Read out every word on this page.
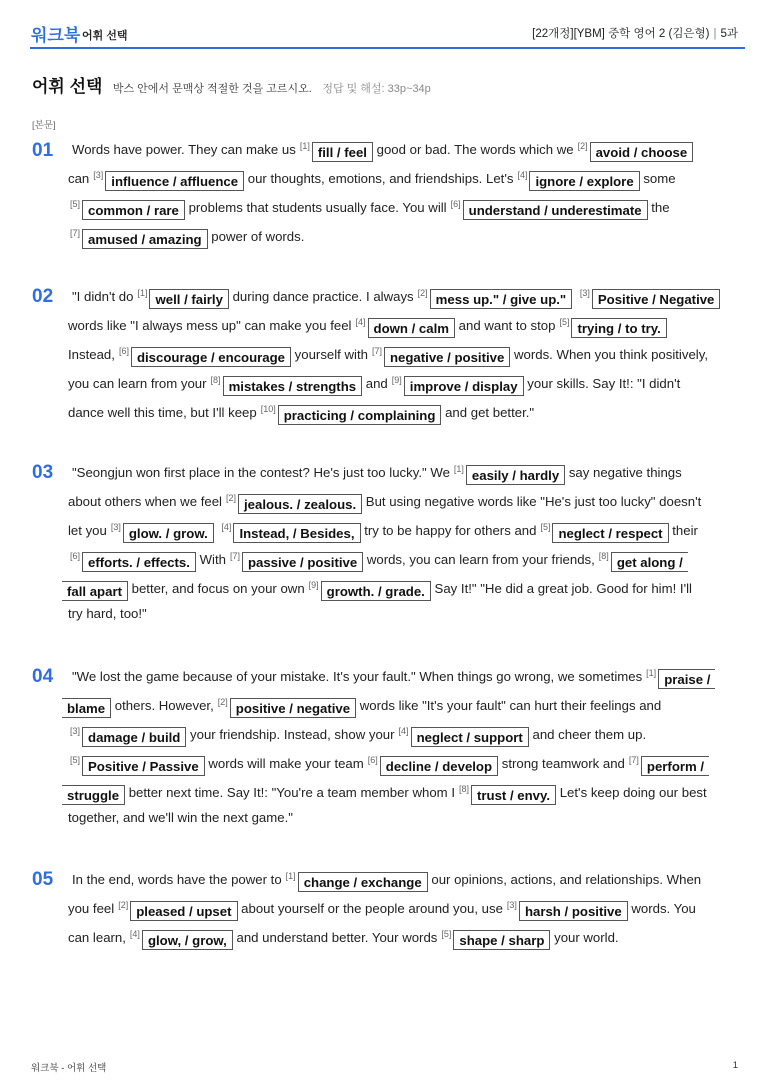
워크북 어휘 선택	[22개정][YBM] 중학 영어 2 (김은형) | 5과
어휘 선택 박스 안에서 문맥상 적절한 것을 고르시오. 정답 및 해설: 33p~34p
[본문]
01 Words have power. They can make us [1] fill / feel good or bad. The words which we [2] avoid / choose
can [3] influence / affluence our thoughts, emotions, and friendships. Let's [4] ignore / explore some
[5] common / rare problems that students usually face. You will [6] understand / underestimate the
[7] amused / amazing power of words.
02 "I didn't do [1] well / fairly during dance practice. I always [2] mess up." / give up." [3] Positive / Negative
words like "I always mess up" can make you feel [4] down / calm and want to stop [5] trying / to try.
Instead, [6] discourage / encourage yourself with [7] negative / positive words. When you think positively,
you can learn from your [8] mistakes / strengths and [9] improve / display your skills. Say It!: "I didn't
dance well this time, but I'll keep [10] practicing / complaining and get better."
03 "Seongjun won first place in the contest? He's just too lucky." We [1] easily / hardly say negative things
about others when we feel [2] jealous. / zealous. But using negative words like "He's just too lucky" doesn't
let you [3] glow. / grow. [4] Instead, / Besides, try to be happy for others and [5] neglect / respect their
[6] efforts. / effects. With [7] passive / positive words, you can learn from your friends, [8] get along /
fall apart better, and focus on your own [9] growth. / grade. Say It!" "He did a great job. Good for him! I'll
try hard, too!"
04 "We lost the game because of your mistake. It's your fault." When things go wrong, we sometimes [1] praise /
blame others. However, [2] positive / negative words like "It's your fault" can hurt their feelings and
[3] damage / build your friendship. Instead, show your [4] neglect / support and cheer them up.
[5] Positive / Passive words will make your team [6] decline / develop strong teamwork and [7] perform /
struggle better next time. Say It!: "You're a team member whom I [8] trust / envy. Let's keep doing our best
together, and we'll win the next game."
05 In the end, words have the power to [1] change / exchange our opinions, actions, and relationships. When
you feel [2] pleased / upset about yourself or the people around you, use [3] harsh / positive words. You
can learn, [4] glow, / grow, and understand better. Your words [5] shape / sharp your world.
워크북 - 어휘 선택	1
